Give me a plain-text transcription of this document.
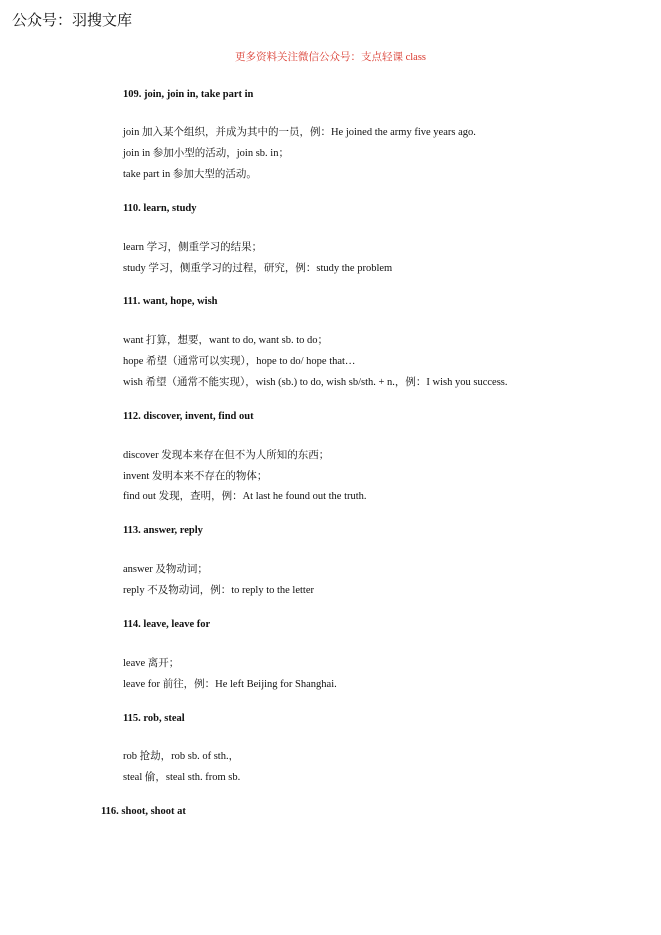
公众号：羽搜文库
更多资料关注微信公众号：支点轻课 class
109. join, join in, take part in
join 加入某个组织，并成为其中的一员，例：He joined the army five years ago.
join in 参加小型的活动，join sb. in；
take part in 参加大型的活动。
110. learn, study
learn 学习，侧重学习的结果；
study 学习，侧重学习的过程，研究，例：study the problem
111. want, hope, wish
want 打算，想要，want to do, want sb. to do；
hope 希望（通常可以实现），hope to do/ hope that…
wish 希望（通常不能实现），wish (sb.) to do, wish sb/sth. + n.，例：I wish you success.
112. discover, invent, find out
discover 发现本来存在但不为人所知的东西；
invent 发明本来不存在的物体；
find out 发现，查明，例：At last he found out the truth.
113. answer, reply
answer 及物动词；
reply 不及物动词，例：to reply to the letter
114. leave, leave for
leave 离开；
leave for 前往，例：He left Beijing for Shanghai.
115. rob, steal
rob 抢劫，rob sb. of sth.，
steal 偷，steal sth. from sb.
116. shoot, shoot at
